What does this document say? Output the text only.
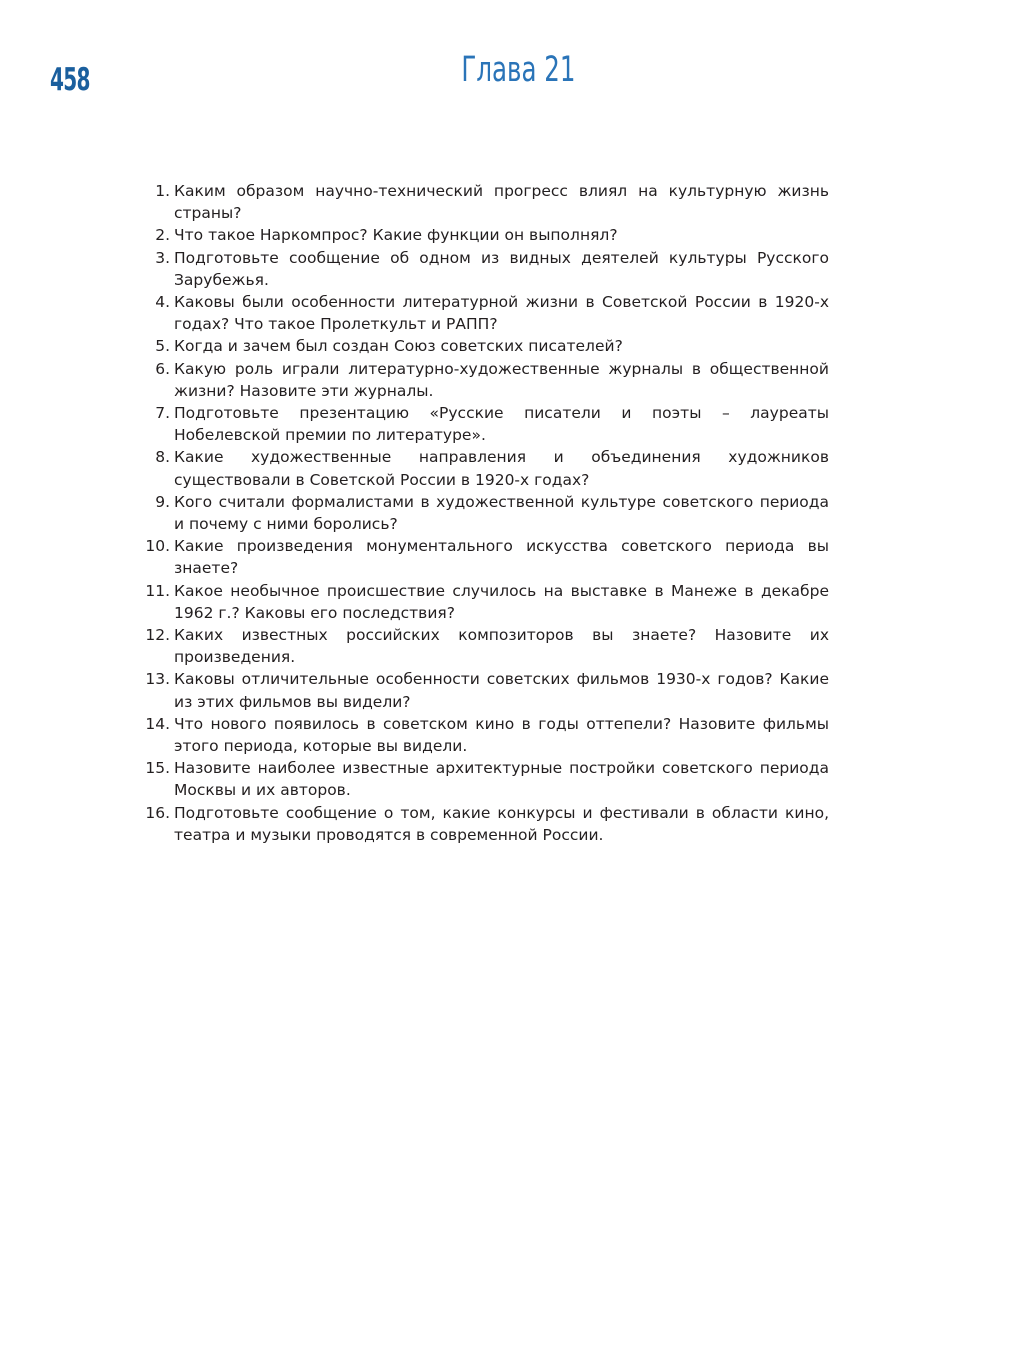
458	Глава 21
1. Каким образом научно-технический прогресс влиял на культурную жизнь страны?
2. Что такое Наркомпрос? Какие функции он выполнял?
3. Подготовьте сообщение об одном из видных деятелей культуры Русского Зарубежья.
4. Каковы были особенности литературной жизни в Советской России в 1920-х годах? Что такое Пролеткульт и РАПП?
5. Когда и зачем был создан Союз советских писателей?
6. Какую роль играли литературно-художественные журналы в общественной жизни? Назовите эти журналы.
7. Подготовьте презентацию «Русские писатели и поэты – лауреаты Нобелевской премии по литературе».
8. Какие художественные направления и объединения художников существовали в Советской России в 1920-х годах?
9. Кого считали формалистами в художественной культуре советского периода и почему с ними боролись?
10. Какие произведения монументального искусства советского периода вы знаете?
11. Какое необычное происшествие случилось на выставке в Манеже в декабре 1962 г.? Каковы его последствия?
12. Каких известных российских композиторов вы знаете? Назовите их произведения.
13. Каковы отличительные особенности советских фильмов 1930-х годов? Какие из этих фильмов вы видели?
14. Что нового появилось в советском кино в годы оттепели? Назовите фильмы этого периода, которые вы видели.
15. Назовите наиболее известные архитектурные постройки советского периода Москвы и их авторов.
16. Подготовьте сообщение о том, какие конкурсы и фестивали в области кино, театра и музыки проводятся в современной России.
